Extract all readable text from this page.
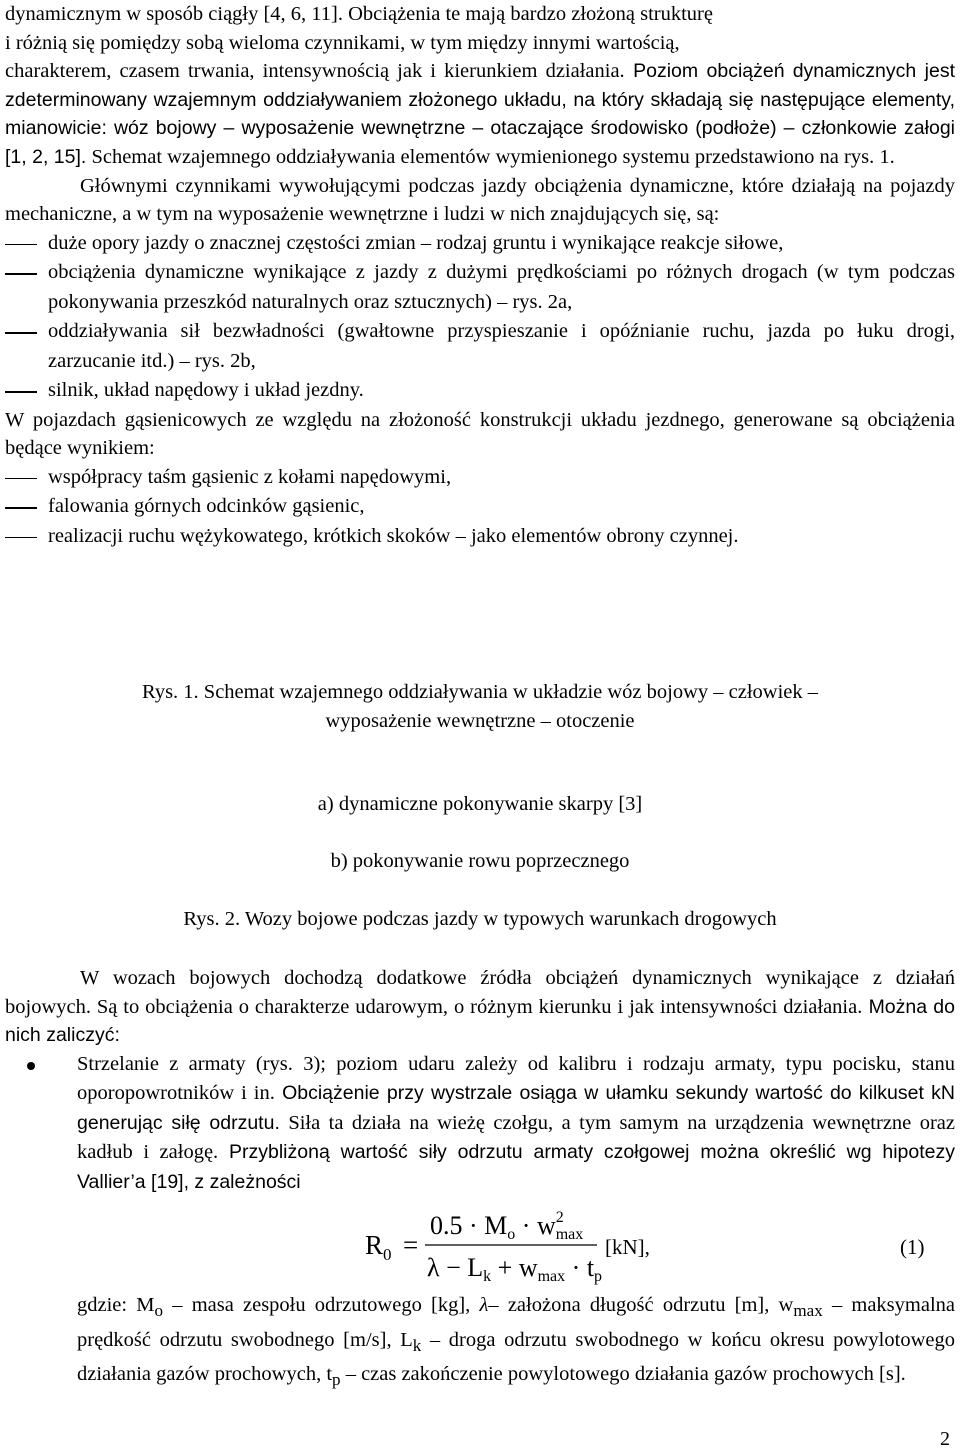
dynamicznym w sposób ciągły [4, 6, 11]. Obciążenia te mają bardzo złożoną strukturę
i różnią się pomiędzy sobą wieloma czynnikami, w tym między innymi wartością,
charakterem, czasem trwania, intensywnością jak i kierunkiem działania. Poziom obciążeń dynamicznych jest zdeterminowany wzajemnym oddziaływaniem złożonego układu, na który składają się następujące elementy, mianowicie: wóz bojowy – wyposażenie wewnętrzne – otaczające środowisko (podłoże) – członkowie załogi [1, 2, 15]. Schemat wzajemnego oddziaływania elementów wymienionego systemu przedstawiono na rys. 1.

Głównymi czynnikami wywołującymi podczas jazdy obciążenia dynamiczne, które działają na pojazdy mechaniczne, a w tym na wyposażenie wewnętrzne i ludzi w nich znajdujących się, są:

duże opory jazdy o znacznej częstości zmian – rodzaj gruntu i wynikające reakcje siłowe,
obciążenia dynamiczne wynikające z jazdy z dużymi prędkościami po różnych drogach (w tym podczas pokonywania przeszkód naturalnych oraz sztucznych) – rys. 2a,
oddziaływania sił bezwładności (gwałtowne przyspieszanie i opóźnianie ruchu, jazda po łuku drogi, zarzucanie itd.) – rys. 2b,
silnik, układ napędowy i układ jezdny.

W pojazdach gąsienicowych ze względu na złożoność konstrukcji układu jezdnego, generowane są obciążenia będące wynikiem:

współpracy taśm gąsienic z kołami napędowymi,
falowania górnych odcinków gąsienic,
realizacji ruchu wężykowatego, krótkich skoków – jako elementów obrony czynnej.
Rys. 1. Schemat wzajemnego oddziaływania w układzie wóz bojowy – człowiek –
wyposażenie wewnętrzne – otoczenie
a) dynamiczne pokonywanie skarpy [3]
b) pokonywanie rowu poprzecznego
Rys. 2. Wozy bojowe podczas jazdy w typowych warunkach drogowych

W wozach bojowych dochodzą dodatkowe źródła obciążeń dynamicznych wynikające z działań bojowych. Są to obciążenia o charakterze udarowym, o różnym kierunku i jak intensywności działania. Można do nich zaliczyć:

Strzelanie z armaty (rys. 3); poziom udaru zależy od kalibru i rodzaju armaty, typu pocisku, stanu oporopowrotników i in. Obciążenie przy wystrzale osiąga w ułamku sekundy wartość do kilkuset kN generując siłę odrzutu. Siła ta działa na wieżę czołgu, a tym samym na urządzenia wewnętrzne oraz kadłub i załogę. Przybliżoną wartość siły odrzutu armaty czołgowej można określić wg hipotezy Vallier’a [19], z zależności
$R_0$ =
$0.5 \cdot Mo \cdot w^2$ max
λ − Lk + wmax · tp
[kN],	(1)

gdzie: $M_o$ – masa zespołu odrzutowego [kg], λ– założona długość odrzutu [m], $w_{max}$ – maksymalna prędkość odrzutu swobodnego [m/s], $L_k$ – droga odrzutu swobodnego w końcu okresu powylotowego działania gazów prochowych, $t_p$ – czas zakończenie powylotowego działania gazów prochowych [s].

2
